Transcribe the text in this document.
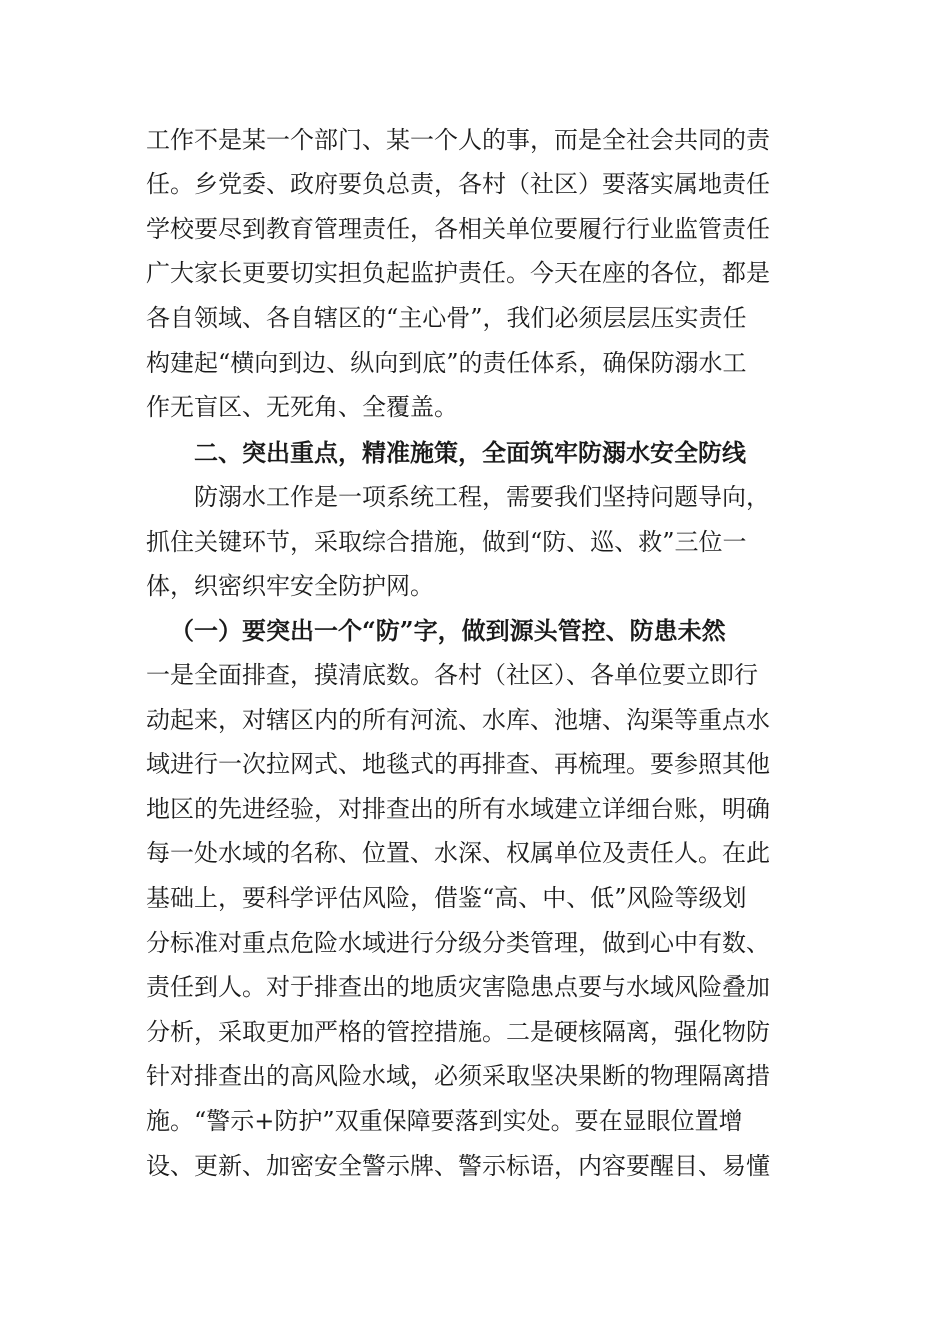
工作不是某一个部门、某一个人的事，而是全社会共同的责
任。乡党委、政府要负总责，各村（社区）要落实属地责任
学校要尽到教育管理责任，各相关单位要履行行业监管责任
广大家长更要切实担负起监护责任。今天在座的各位，都是
各自领域、各自辖区的“主心骨”，我们必须层层压实责任
构建起“横向到边、纵向到底”的责任体系，确保防溺水工
作无盲区、无死角、全覆盖。
二、突出重点，精准施策，全面筑牢防溺水安全防线
防溺水工作是一项系统工程，需要我们坚持问题导向，
抓住关键环节，采取综合措施，做到“防、巡、救”三位一
体，织密织牢安全防护网。
（一）要突出一个“防”字，做到源头管控、防患未然
一是全面排查，摸清底数。各村（社区）、各单位要立即行
动起来，对辖区内的所有河流、水库、池塘、沟渠等重点水
域进行一次拉网式、地毯式的再排查、再梳理。要参照其他
地区的先进经验，对排查出的所有水域建立详细台账，明确
每一处水域的名称、位置、水深、权属单位及责任人。在此
基础上，要科学评估风险，借鉴“高、中、低”风险等级划
分标准对重点危险水域进行分级分类管理，做到心中有数、
责任到人。对于排查出的地质灾害隐患点要与水域风险叠加
分析，采取更加严格的管控措施。二是硬核隔离，强化物防
针对排查出的高风险水域，必须采取坚决果断的物理隔离措
施。“警示+防护”双重保障要落到实处。要在显眼位置增
设、更新、加密安全警示牌、警示标语，内容要醒目、易懂
